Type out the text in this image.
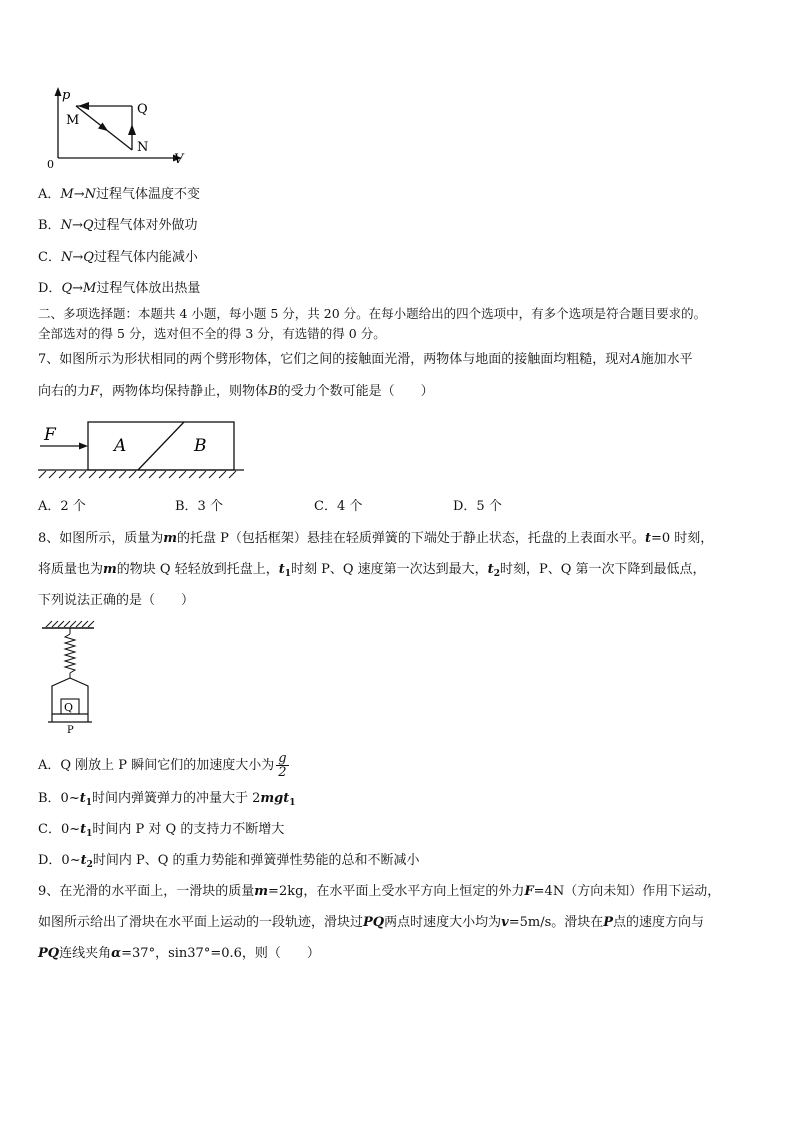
p
V
0
M
Q
N
A．M→N过程气体温度不变
B．N→Q过程气体对外做功
C．N→Q过程气体内能减小
D．Q→M过程气体放出热量
二、多项选择题：本题共 4 小题，每小题 5 分，共 20 分。在每小题给出的四个选项中，有多个选项是符合题目要求的。
全部选对的得 5 分，选对但不全的得 3 分，有选错的得 0 分。
7、如图所示为形状相同的两个劈形物体，它们之间的接触面光滑，两物体与地面的接触面均粗糙，现对A施加水平
向右的力F，两物体均保持静止，则物体B的受力个数可能是（　　）
F
A	B
A．2 个	B．3 个	C．4 个	D．5 个
8、如图所示，质量为m的托盘 P（包括框架）悬挂在轻质弹簧的下端处于静止状态，托盘的上表面水平。t=0 时刻，
将质量也为m的物块 Q 轻轻放到托盘上，$t_1$时刻 P、Q 速度第一次达到最大，$t_2$时刻，P、Q 第一次下降到最低点，
下列说法正确的是（　　）
Q
P
A．Q 刚放上 P 瞬间它们的加速度大小为 $\frac{g}{2}$
B．$0\sim t_1$时间内弹簧弹力的冲量大于 2mgt$_1$
C．$0\sim t_1$时间内 P 对 Q 的支持力不断增大
D．$0\sim t_2$时间内 P、Q 的重力势能和弹簧弹性势能的总和不断减小
9、在光滑的水平面上，一滑块的质量m=2kg，在水平面上受水平方向上恒定的外力F=4N（方向未知）作用下运动，
如图所示给出了滑块在水平面上运动的一段轨迹，滑块过PQ两点时速度大小均为v=5m/s。滑块在P点的速度方向与
PQ连线夹角α=37°，sin37°=0.6，则（　　）
